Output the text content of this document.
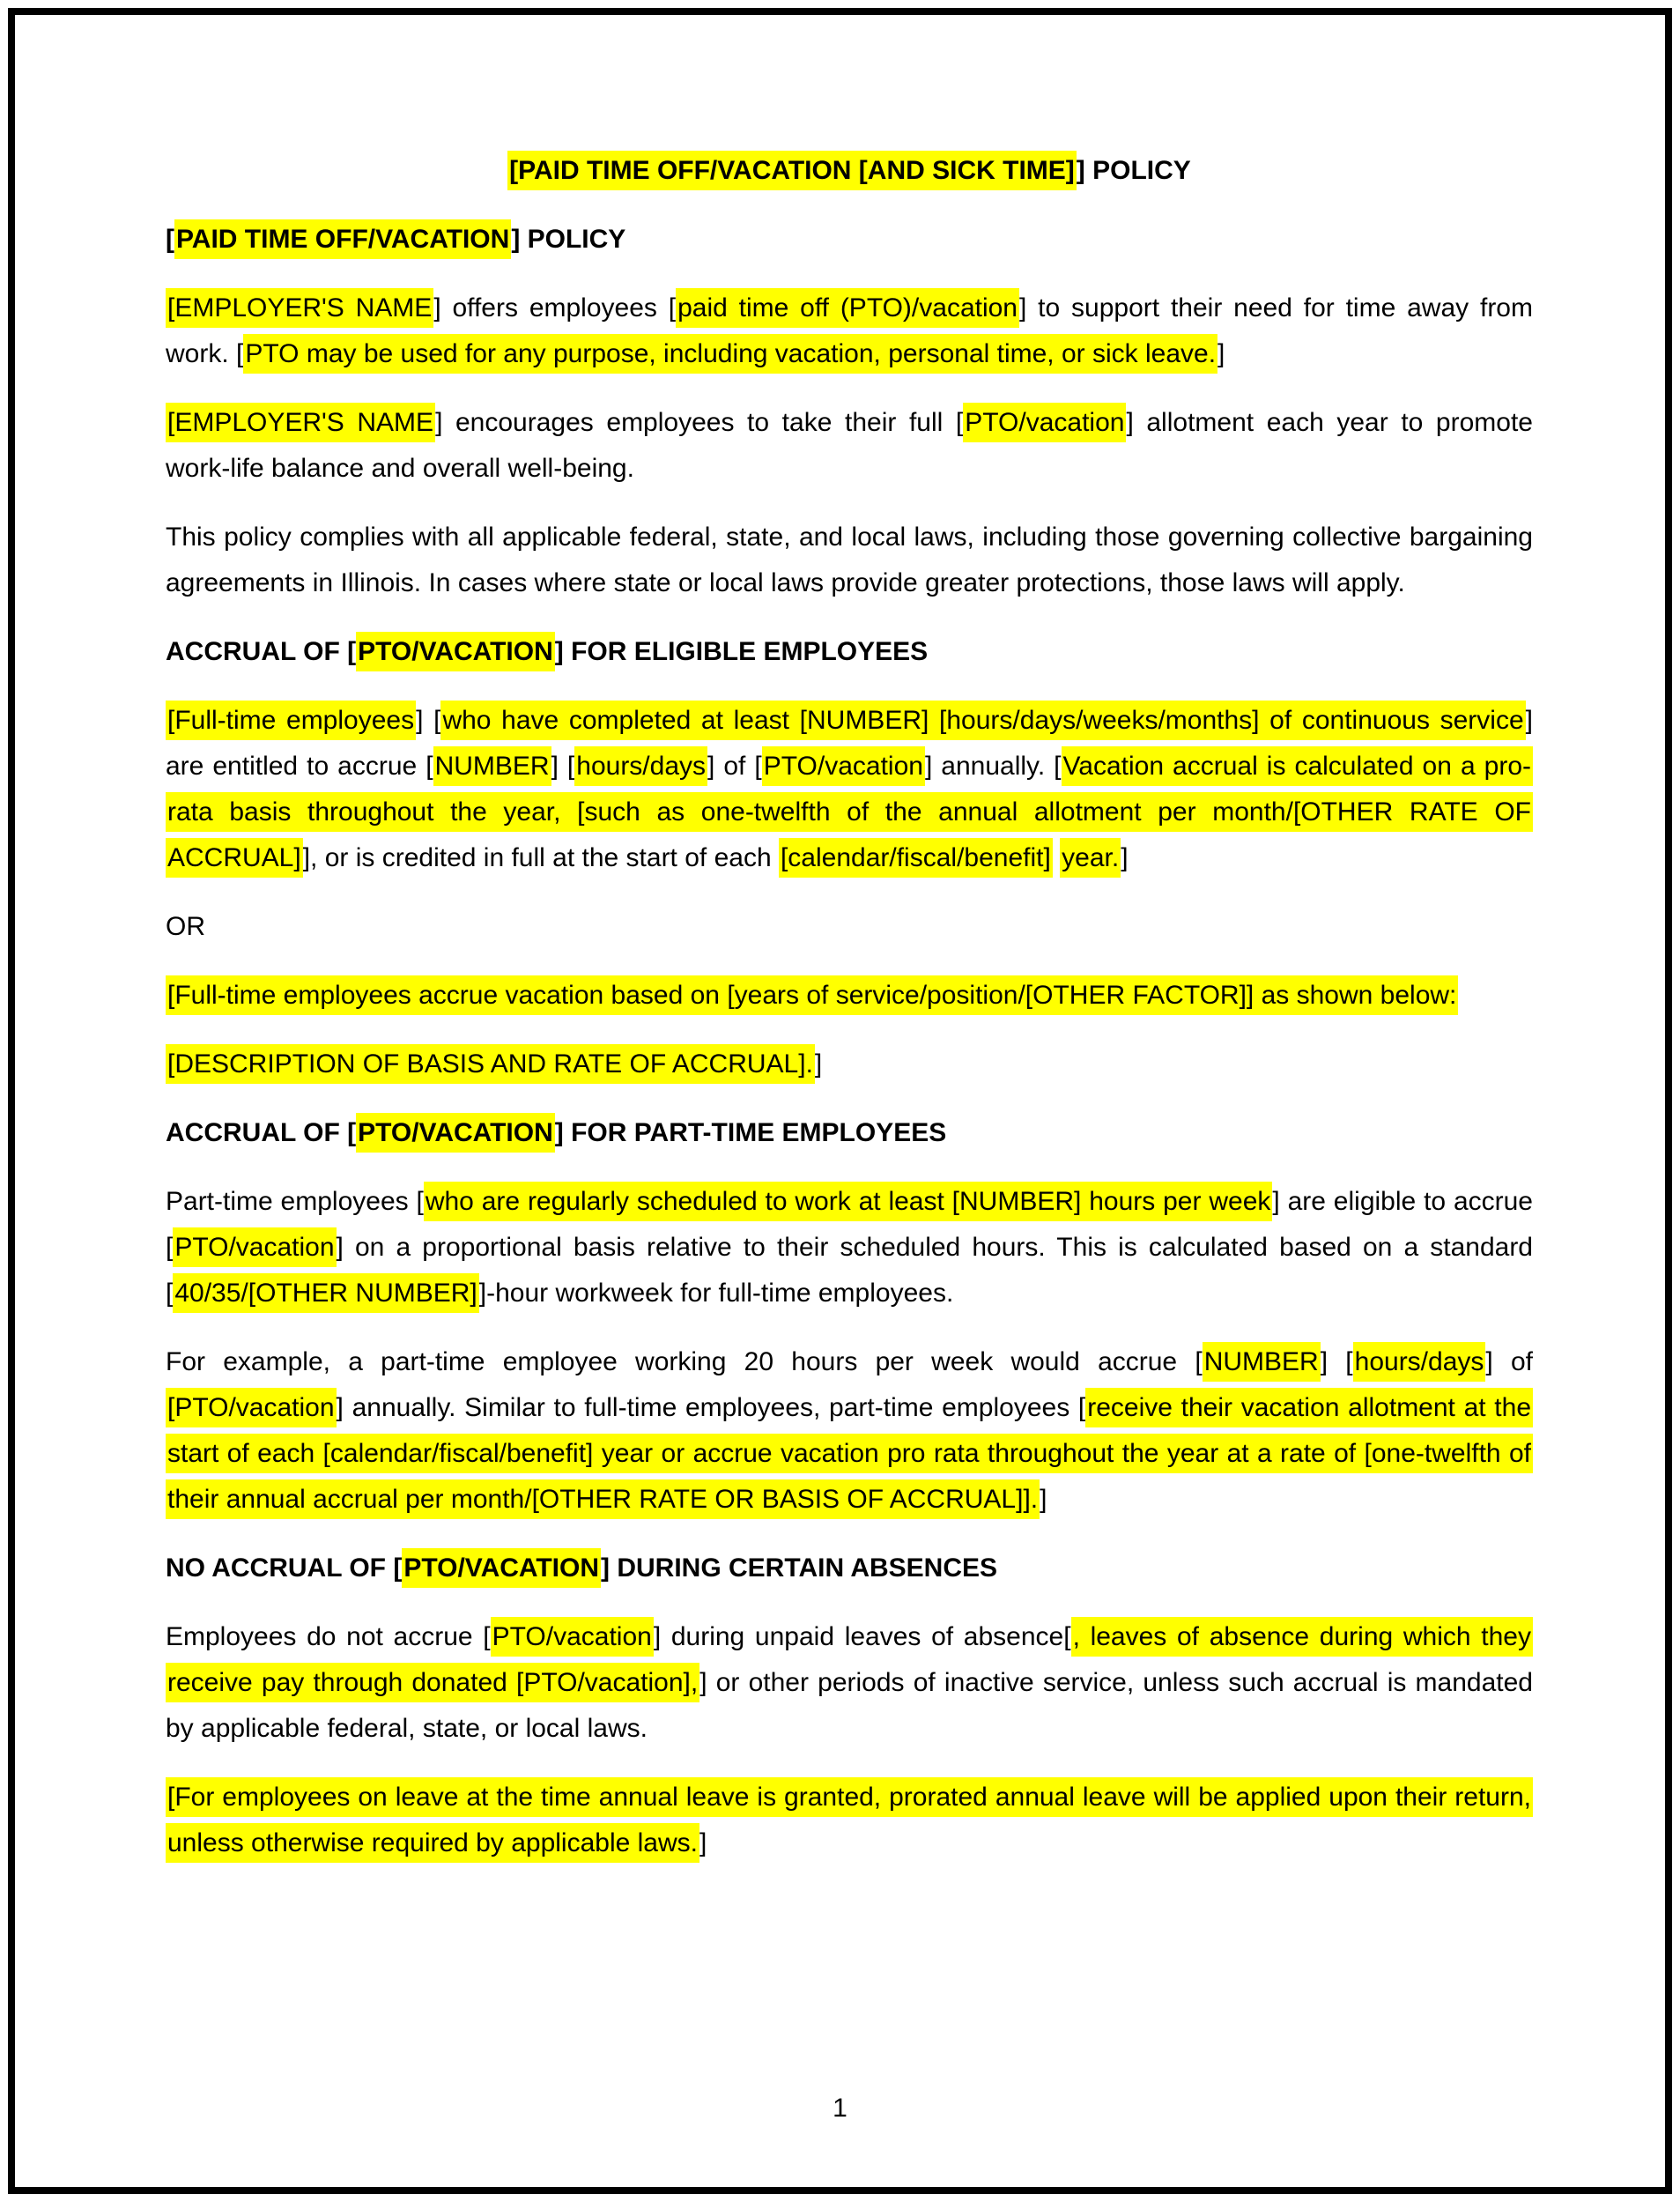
[PAID TIME OFF/VACATION [AND SICK TIME]] POLICY
[PAID TIME OFF/VACATION] POLICY
[EMPLOYER'S NAME] offers employees [paid time off (PTO)/vacation] to support their need for time away from work. [PTO may be used for any purpose, including vacation, personal time, or sick leave.]
[EMPLOYER'S NAME] encourages employees to take their full [PTO/vacation] allotment each year to promote work-life balance and overall well-being.
This policy complies with all applicable federal, state, and local laws, including those governing collective bargaining agreements in Illinois. In cases where state or local laws provide greater protections, those laws will apply.
ACCRUAL OF [PTO/VACATION] FOR ELIGIBLE EMPLOYEES
[Full-time employees] [who have completed at least [NUMBER] [hours/days/weeks/months] of continuous service] are entitled to accrue [NUMBER] [hours/days] of [PTO/vacation] annually. [Vacation accrual is calculated on a pro-rata basis throughout the year, [such as one-twelfth of the annual allotment per month/[OTHER RATE OF ACCRUAL]], or is credited in full at the start of each [calendar/fiscal/benefit] year.]
OR
[Full-time employees accrue vacation based on [years of service/position/[OTHER FACTOR]] as shown below:
[DESCRIPTION OF BASIS AND RATE OF ACCRUAL].]
ACCRUAL OF [PTO/VACATION] FOR PART-TIME EMPLOYEES
Part-time employees [who are regularly scheduled to work at least [NUMBER] hours per week] are eligible to accrue [PTO/vacation] on a proportional basis relative to their scheduled hours. This is calculated based on a standard [40/35/[OTHER NUMBER]]-hour workweek for full-time employees.
For example, a part-time employee working 20 hours per week would accrue [NUMBER] [hours/days] of [PTO/vacation] annually. Similar to full-time employees, part-time employees [receive their vacation allotment at the start of each [calendar/fiscal/benefit] year or accrue vacation pro rata throughout the year at a rate of [one-twelfth of their annual accrual per month/[OTHER RATE OR BASIS OF ACCRUAL]].]
NO ACCRUAL OF [PTO/VACATION] DURING CERTAIN ABSENCES
Employees do not accrue [PTO/vacation] during unpaid leaves of absence[, leaves of absence during which they receive pay through donated [PTO/vacation],] or other periods of inactive service, unless such accrual is mandated by applicable federal, state, or local laws.
[For employees on leave at the time annual leave is granted, prorated annual leave will be applied upon their return, unless otherwise required by applicable laws.]
1
